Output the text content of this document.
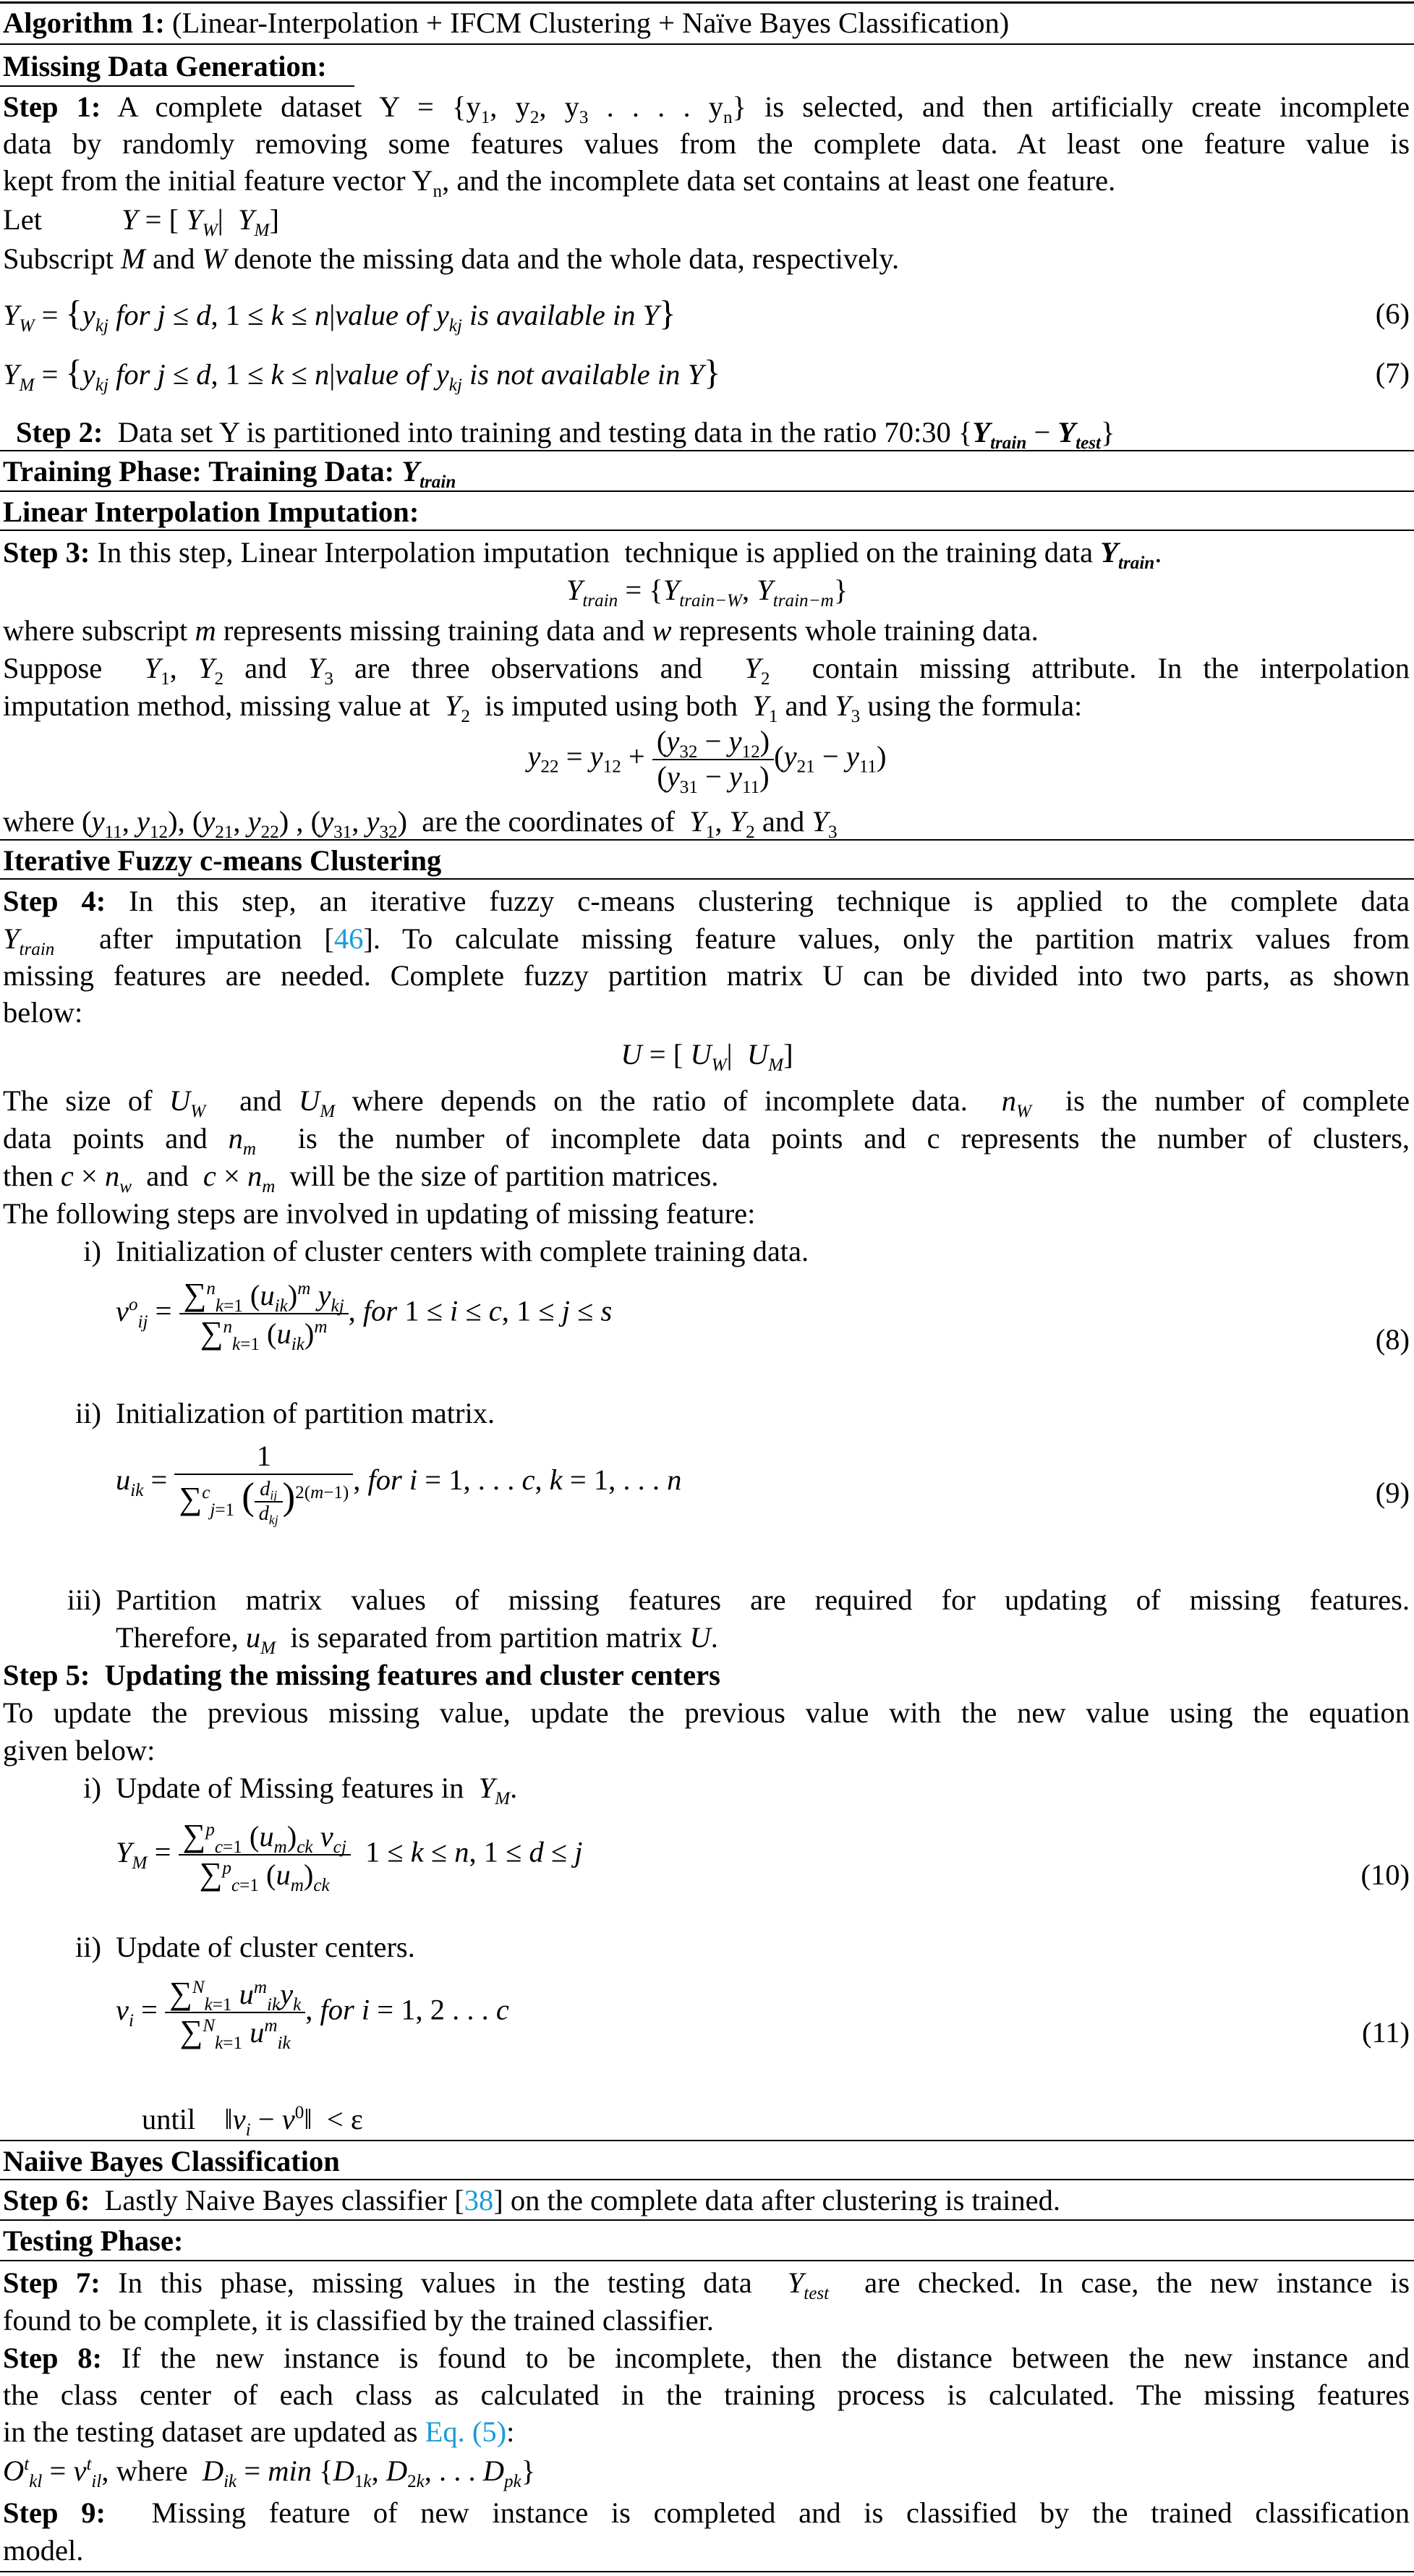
Algorithm 1: (Linear-Interpolation + IFCM Clustering + Naïve Bayes Classification)
Missing Data Generation:
Step 1: A complete dataset $Y = \{y_1$, $y_2$, $y_3$ . . . . $y_n$} is selected, and then artificially create incomplete
data by randomly removing some features values from the complete data. At least one feature value is
kept from the initial feature vector $Y_n$, and the incomplete data set contains at least one feature.
Let	Y = [ $Y_W|$  $Y_M$]
Subscript M and W denote the missing data and the whole data, respectively.
$Y_W = \{y_{kj}$ for j ≤ d, 1 ≤ k ≤ n|value of $y_{kj}$ is available in Y}	(6)
$Y_M = \{y_{kj}$ for j ≤ d, 1 ≤ k ≤ n|value of $y_{kj}$ is not available in Y}	(7)
Step 2:  Data set Y is partitioned into training and testing data in the ratio 70:30 $\{Y_{train} - Y_{test}\}$
Training Phase: Training Data: $Y_{train}$
Linear Interpolation Imputation:
Step 3: In this step, Linear Interpolation imputation  technique is applied on the training data $Y_{train}$.
$Y_{train} = \{Y_{train-W}$, $Y_{train-m}$}
where subscript m represents missing training data and w represents whole training data.
Suppose  $Y_1$, $Y_2$ and $Y_3$ are three observations and  $Y_2$  contain missing attribute. In the interpolation
imputation method, missing value at  $Y_2$  is imputed using both  $Y_1$ and $Y_3$ using the formula:
$y_{22} = y_{12} + \frac{(y_{32} - y_{12})}{(y_{31} - y_{11})} (y_{21} - y_{11})$
where ($y_{11}$, $y_{12}$), ($y_{21}$, $y_{22}$) , ($y_{31}$, $y_{32}$)  are the coordinates of  $Y_1$, $Y_2$ and $Y_3$
Iterative Fuzzy c-means Clustering
Step 4: In this step, an iterative fuzzy c-means clustering technique is applied to the complete data
$Y_{train}$  after imputation [46]. To calculate missing feature values, only the partition matrix values from
missing features are needed. Complete fuzzy partition matrix U can be divided into two parts, as shown
below:
U = [ $U_W|$  $U_M$]
The size of $U_W$  and $U_M$ where depends on the ratio of incomplete data.  $n_W$  is the number of complete
data points and $n_m$  is the number of incomplete data points and c represents the number of clusters,
then $c \times n_w$  and  $c \times n_m$  will be the size of partition matrices.
The following steps are involved in updating of missing feature:
i) Initialization of cluster centers with complete training data.
$v^o_{ij} = \frac{\sum^n_{k=1} (u_{ik})^m y_{kj}}{\sum^n_{k=1} (u_{ik})^m}$ , for 1 ≤ i ≤ c, 1 ≤ j ≤ s
(8)
ii) Initialization of partition matrix.
$u_{ik} = \frac{1}{\sum^c_{j=1} ( \frac{d_{ij}}{d_{kj}} )^{2(m-1)}}$ , for i = 1, . . . c, k = 1, . . . n	(9)
iii) Partition matrix values of missing features are required for updating of missing features.
Therefore, $u_M$  is separated from partition matrix U.
Step 5: Updating the missing features and cluster centers
To update the previous missing value, update the previous value with the new value using the equation
given below:
i) Update of Missing features in  $Y_M$.
$Y_M = \frac{\sum^p_{c=1} (u_m)_{ck} v_{cj}}{\sum^p_{c=1} (u_m)_{ck}} 1 \le k \le n$, 1 ≤ d ≤ j
(10)
ii) Update of cluster centers.
$v_i = \frac{\sum^N_{k=1} u^m_{ik}y_k}{\sum^N_{k=1} u^m_{ik}}$ , for i = 1, 2 . . . c
(11)
until $‖v_i$ − $v^0‖ < \varepsilon$
Naiive Bayes Classification
Step 6: Lastly Naive Bayes classifier [38] on the complete data after clustering is trained.
Testing Phase:
Step 7: In this phase, missing values in the testing data  $Y_{test}$  are checked. In case, the new instance is
found to be complete, it is classified by the trained classifier.
Step 8: If the new instance is found to be incomplete, then the distance between the new instance and
the class center of each class as calculated in the training process is calculated. The missing features
in the testing dataset are updated as Eq. (5):
$O^t_{kl} = v^t_{il}$, where  $D_{ik} = \min \{D_{1k}$, $D_{2k}$, . . . $D_{pk}$}
Step 9:  Missing feature of new instance is completed and is classified by the trained classification
model.
